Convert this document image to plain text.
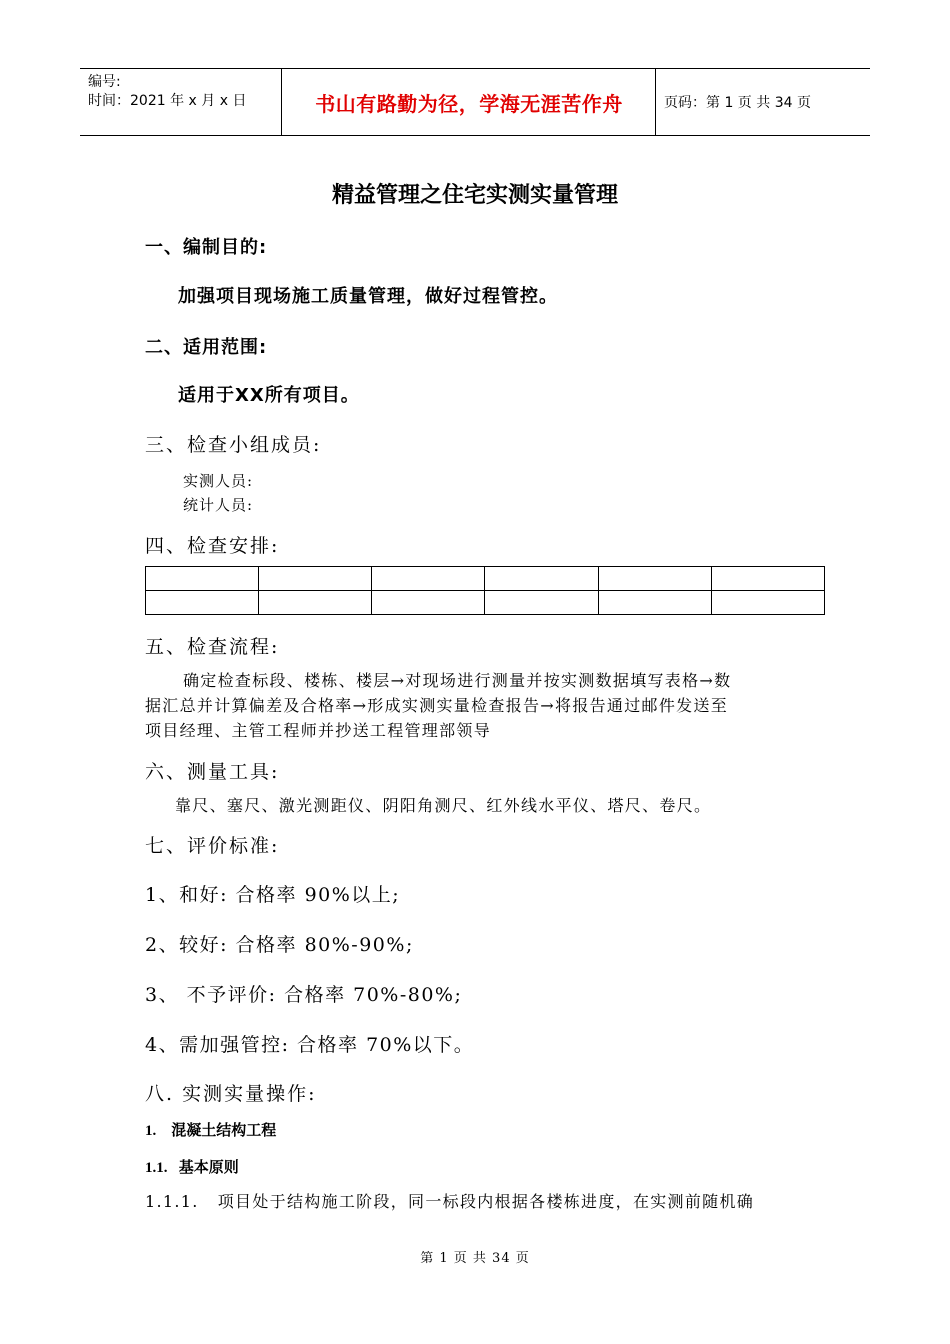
编号:
时间：2021 年 x 月 x 日	书山有路勤为径，学海无涯苦作舟	页码：第 1 页 共 34 页
精益管理之住宅实测实量管理
一、编制目的:
加强项目现场施工质量管理，做好过程管控。
二、适用范围:
适用于XX所有项目。
三、检查小组成员:
实测人员:
统计人员:
四、检查安排:

五、检查流程:
确定检查标段、楼栋、楼层→对现场进行测量并按实测数据填写表格→数
据汇总并计算偏差及合格率→形成实测实量检查报告→将报告通过邮件发送至
项目经理、主管工程师并抄送工程管理部领导
六、测量工具:
靠尺、塞尺、激光测距仪、阴阳角测尺、红外线水平仪、塔尺、卷尺。
七、评价标准:
1、和好: 合格率 90%以上;
2、较好: 合格率 80%-90%;
3、 不予评价: 合格率 70%-80%;
4、需加强管控: 合格率 70%以下。
八. 实测实量操作:
1.    混凝土结构工程
1.1.   基本原则
1.1.1.   项目处于结构施工阶段，同一标段内根据各楼栋进度，在实测前随机确
第 1 页 共 34 页
